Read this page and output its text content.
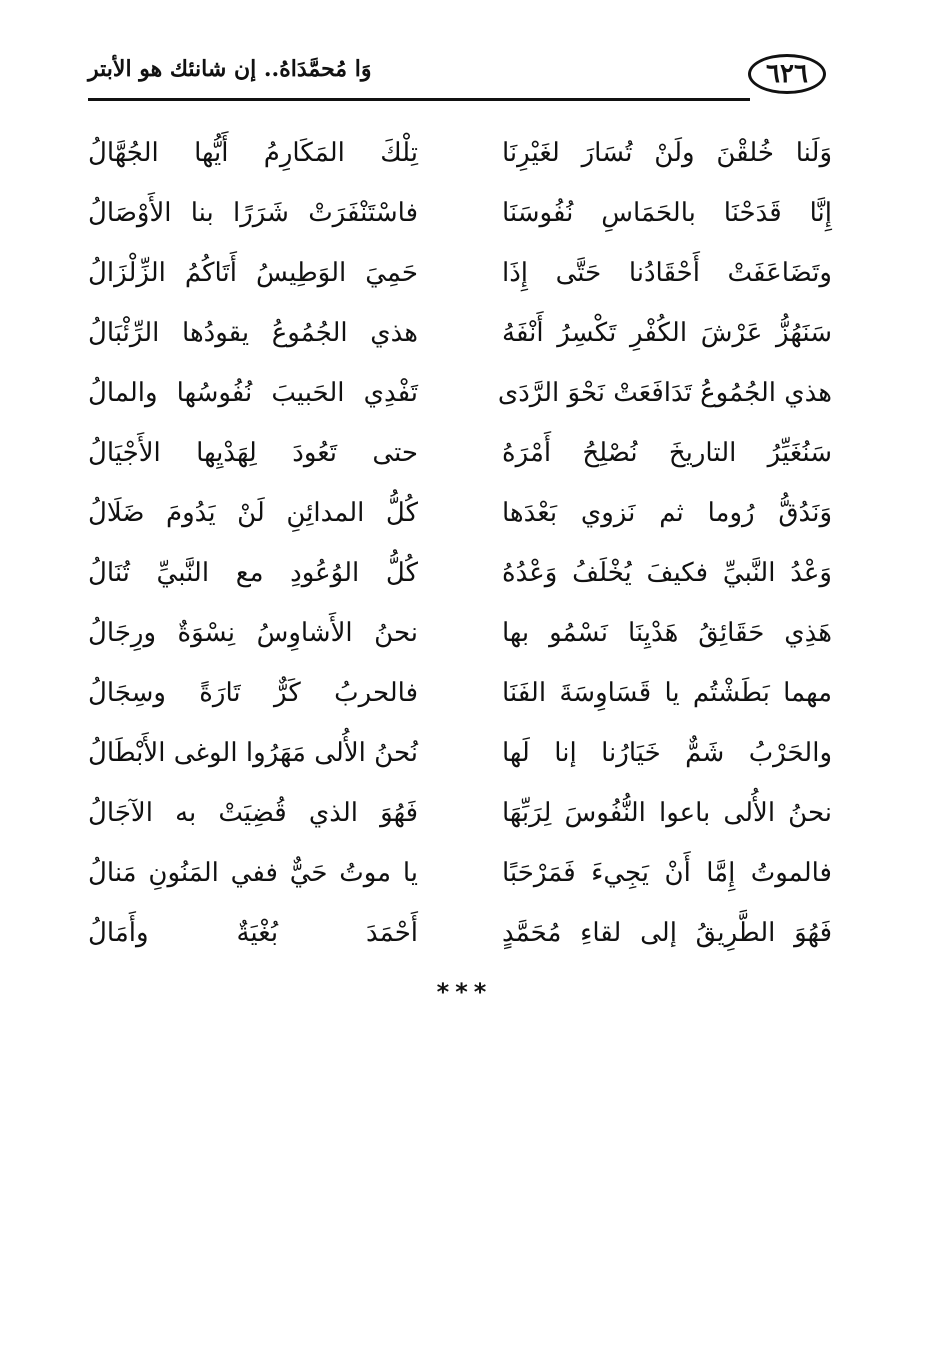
وَا مُحمَّدَاهُ.. إن شانئك هو الأبتر	٦٢٦
وَلَنا خُلقْنَ ولَنْ تُسَارَ لغَيْرِنَا
تِلْكَ المَكَارِمُ أَيُّها الجُهَّالُ
إِنَّا قَدَحْنَا بالحَمَاسِ نُفُوسَنَا
فاسْتَنْفَرَتْ شَرَرًا بنا الأَوْصَالُ
وتَضَاعَفَتْ أَحْقَادُنا حَتَّى إِذَا
حَمِيَ الوَطِيسُ أَتَاكُمُ الزِّلْزَالُ
سَنَهُزُّ عَرْشَ الكُفْرِ تَكْسِرُ أَنْفَهُ
هذي الجُمُوعُ يقودُها الرِّئْبَالُ
هذي الجُمُوعُ تَدَافَعَتْ نَحْوَ الرَّدَى
تَفْدِي الحَبيبَ نُفُوسُها والمالُ
سَنُغَيِّرُ التاريخَ نُصْلِحُ أَمْرَهُ
حتى تَعُودَ لِهَدْيِها الأَجْيَالُ
وَنَدُقُّ رُوما ثم نَزوي بَعْدَها
كُلُّ المدائِنِ لَنْ يَدُومَ ضَلَالُ
وَعْدُ النَّبيِّ فكيفَ يُخْلَفُ وَعْدُهُ
كُلُّ الوُعُودِ مع النَّبيِّ تُنَالُ
هَذِي حَقَائِقُ هَدْيِنَا نَسْمُو بها
نحنُ الأَشاوِسُ نِسْوَةٌ ورِجَالُ
مهما بَطَشْتُم يا قَسَاوِسَةَ الفَنَا
فالحربُ كَرٌّ تَارَةً وسِجَالُ
والحَرْبُ شَمٌّ خَيَارُنا إنا لَها
نُحنُ الأُلى مَهَرُوا الوغى الأَبْطَالُ
نحنُ الأُلى باعوا النُّفُوسَ لِرَبِّهَا
فَهُوَ الذي قُضِيَتْ به الآجَالُ
فالموتُ إِمَّا أَنْ يَجِيءَ فَمَرْحَبًا
يا موتُ حَيٌّ ففي المَنُونِ مَنالُ
فَهُوَ الطَّرِيقُ إلى لقاءِ مُحَمَّدٍ
أَحْمَدَ بُغْيَةٌ وأَمَالُ
***
